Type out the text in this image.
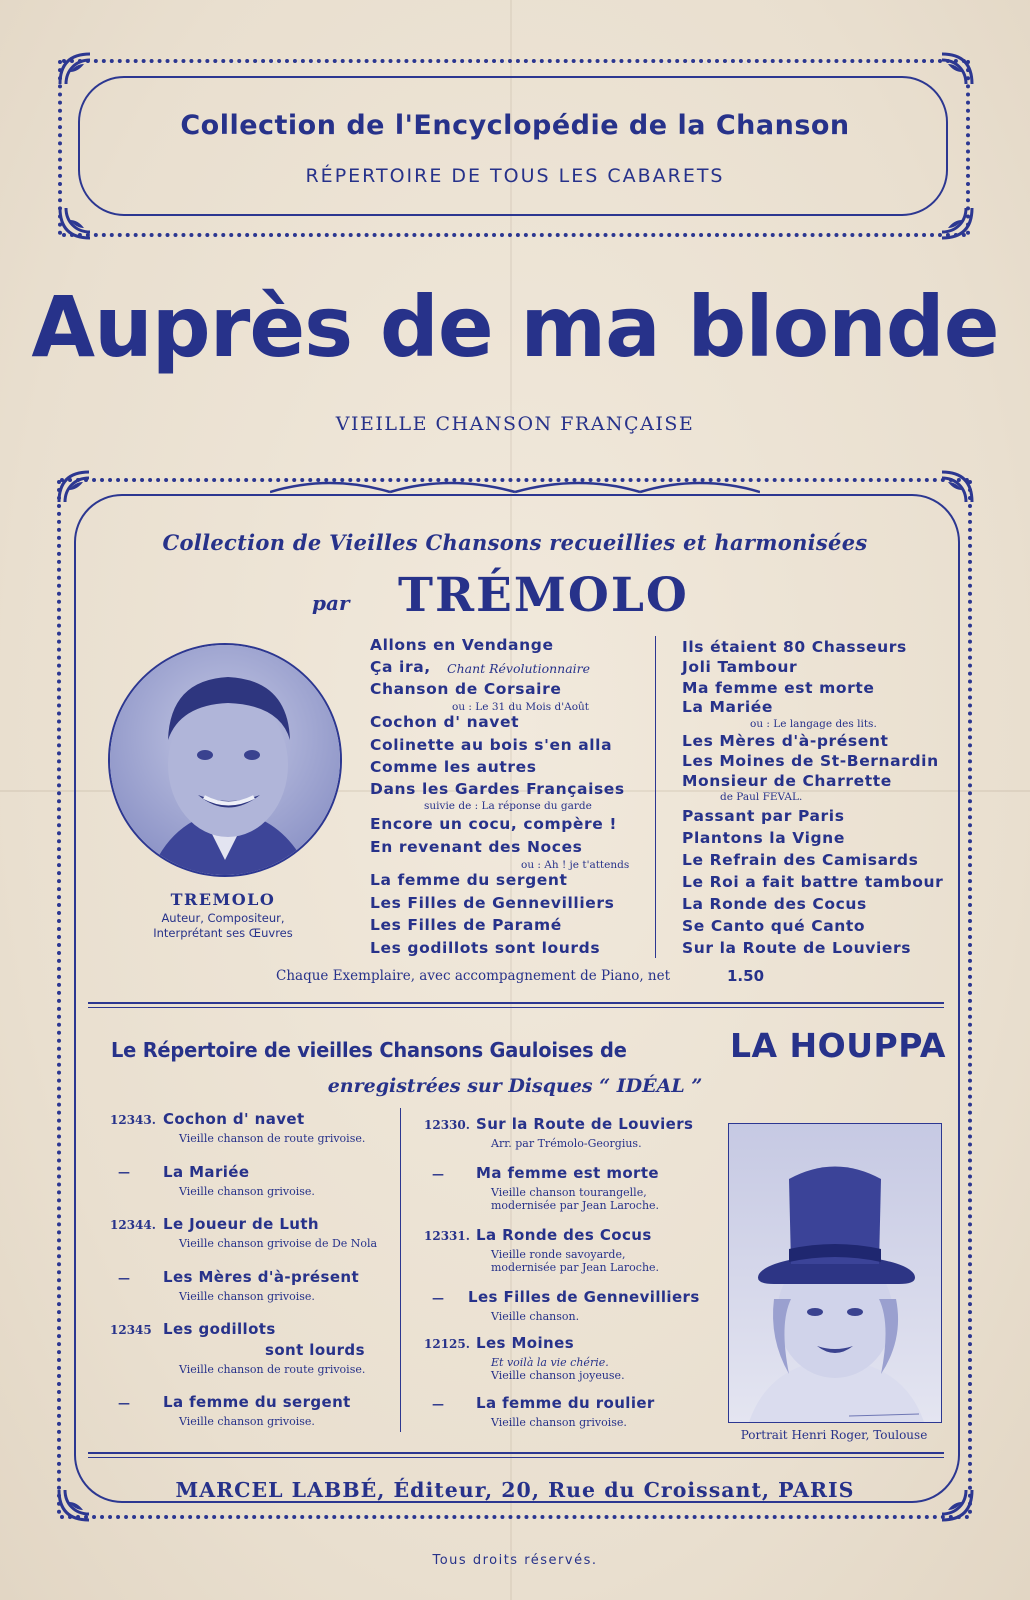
Collection de l'Encyclopédie de la Chanson
RÉPERTOIRE DE TOUS LES CABARETS
Auprès de ma blonde
VIEILLE CHANSON FRANÇAISE
Collection de Vieilles Chansons recueillies et harmonisées
par TRÉMOLO
TREMOLO
Auteur, Compositeur,
Interprétant ses Œuvres
Allons en Vendange
Ça ira, Chant Révolutionnaire
Chanson de Corsaire
ou : Le 31 du Mois d'Août
Cochon d' navet
Colinette au bois s'en alla
Comme les autres
Dans les Gardes Françaises
suivie de : La réponse du garde
Encore un cocu, compère !
En revenant des Noces
ou : Ah ! je t'attends
La femme du sergent
Les Filles de Gennevilliers
Les Filles de Paramé
Les godillots sont lourds
Ils étaient 80 Chasseurs
Joli Tambour
Ma femme est morte
La Mariée
ou : Le langage des lits.
Les Mères d'à-présent
Les Moines de St-Bernardin
Monsieur de Charrette
de Paul FEVAL.
Passant par Paris
Plantons la Vigne
Le Refrain des Camisards
Le Roi a fait battre tambour
La Ronde des Cocus
Se Canto qué Canto
Sur la Route de Louviers
Chaque Exemplaire, avec accompagnement de Piano, net	1.50
Le Répertoire de vieilles Chansons Gauloises de	LA HOUPPA
enregistrées sur Disques “ IDÉAL ”
12343. Cochon d' navet
Vieille chanson de route grivoise.
— La Mariée
Vieille chanson grivoise.
12344. Le Joueur de Luth
Vieille chanson grivoise de De Nola
— Les Mères d'à-présent
Vieille chanson grivoise.
12345 Les godillots
sont lourds
Vieille chanson de route grivoise.
— La femme du sergent
Vieille chanson grivoise.
12330. Sur la Route de Louviers
Arr. par Trémolo-Georgius.
— Ma femme est morte
Vieille chanson tourangelle,
modernisée par Jean Laroche.
12331. La Ronde des Cocus
Vieille ronde savoyarde,
modernisée par Jean Laroche.
— Les Filles de Gennevilliers
Vieille chanson.
12125. Les Moines
Et voilà la vie chérie.
Vieille chanson joyeuse.
— La femme du roulier
Vieille chanson grivoise.
Portrait Henri Roger, Toulouse
MARCEL LABBÉ, Éditeur, 20, Rue du Croissant, PARIS
Tous droits réservés.
